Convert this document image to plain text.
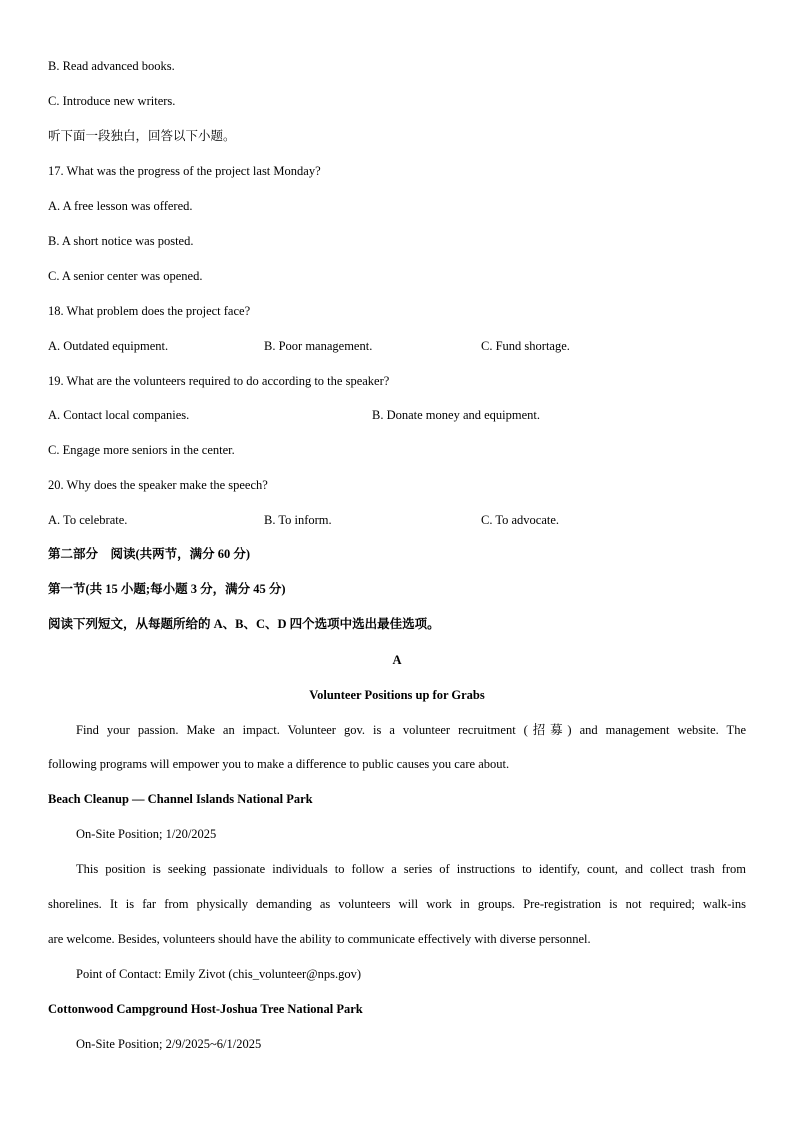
B. Read advanced books.
C. Introduce new writers.
听下面一段独白，回答以下小题。
17. What was the progress of the project last Monday?
A. A free lesson was offered.
B. A short notice was posted.
C. A senior center was opened.
18. What problem does the project face?
A. Outdated equipment.	B. Poor management.	C. Fund shortage.
19. What are the volunteers required to do according to the speaker?
A. Contact local companies.	B. Donate money and equipment.
C. Engage more seniors in the center.
20. Why does the speaker make the speech?
A. To celebrate.	B. To inform.	C. To advocate.
第二部分　阅读(共两节，满分 60 分)
第一节(共 15 小题;每小题 3 分，满分 45 分)
阅读下列短文，从每题所给的 A、B、C、D 四个选项中选出最佳选项。
A
Volunteer Positions up for Grabs
Find your passion. Make an impact. Volunteer gov. is a volunteer recruitment (招募) and management website. The
following programs will empower you to make a difference to public causes you care about.
Beach Cleanup — Channel Islands National Park
On-Site Position; 1/20/2025
This position is seeking passionate individuals to follow a series of instructions to identify, count, and collect trash from
shorelines. It is far from physically demanding as volunteers will work in groups. Pre-registration is not required; walk-ins
are welcome. Besides, volunteers should have the ability to communicate effectively with diverse personnel.
Point of Contact: Emily Zivot (chis_volunteer@nps.gov)
Cottonwood Campground Host-Joshua Tree National Park
On-Site Position; 2/9/2025~6/1/2025
